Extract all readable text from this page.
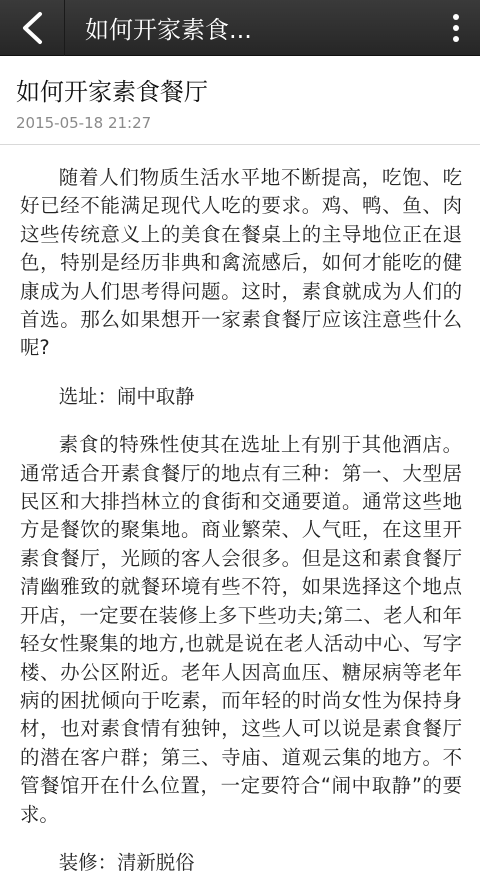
如何开家素食...
如何开家素食餐厅
2015-05-18 21:27

随着人们物质生活水平地不断提高，吃饱、吃好已经不能满足现代人吃的要求。鸡、鸭、鱼、肉这些传统意义上的美食在餐桌上的主导地位正在退色，特别是经历非典和禽流感后，如何才能吃的健康成为人们思考得问题。这时，素食就成为人们的首选。那么如果想开一家素食餐厅应该注意些什么呢?

选址：闹中取静

素食的特殊性使其在选址上有别于其他酒店。通常适合开素食餐厅的地点有三种：第一、大型居民区和大排挡林立的食街和交通要道。通常这些地方是餐饮的聚集地。商业繁荣、人气旺，在这里开素食餐厅，光顾的客人会很多。但是这和素食餐厅清幽雅致的就餐环境有些不符，如果选择这个地点开店，一定要在装修上多下些功夫;第二、老人和年轻女性聚集的地方,也就是说在老人活动中心、写字楼、办公区附近。老年人因高血压、糖尿病等老年病的困扰倾向于吃素，而年轻的时尚女性为保持身材，也对素食情有独钟，这些人可以说是素食餐厅的潜在客户群；第三、寺庙、道观云集的地方。不管餐馆开在什么位置，一定要符合“闹中取静”的要求。

装修：清新脱俗
